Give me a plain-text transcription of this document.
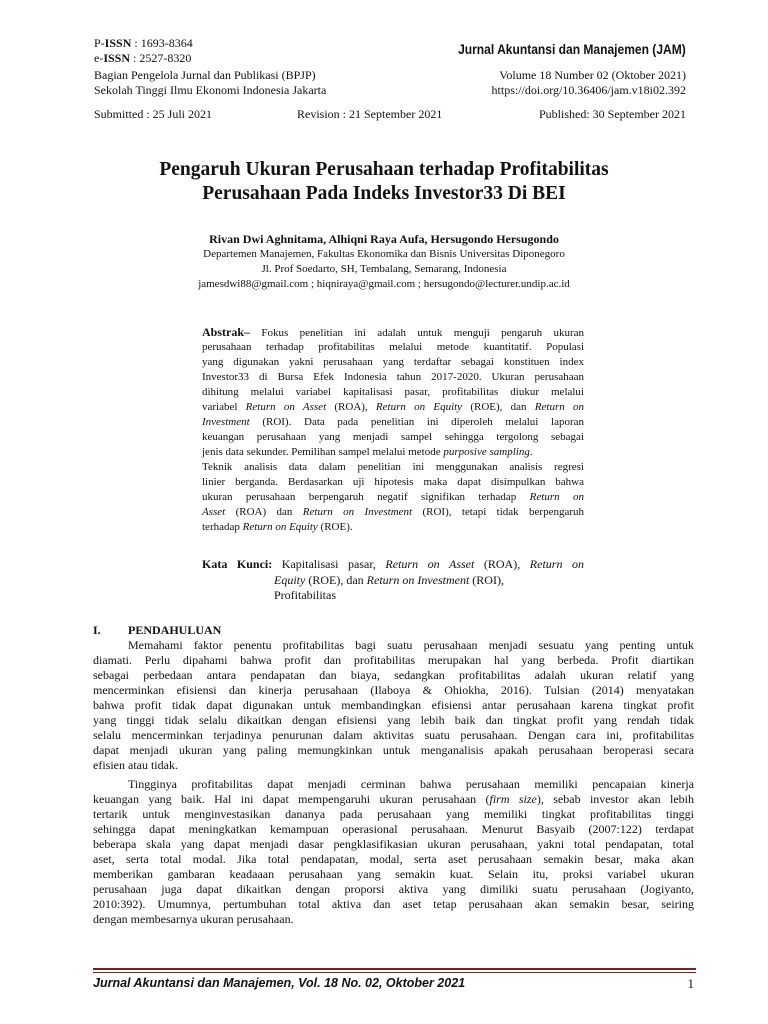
P-ISSN : 1693-8364
e-ISSN : 2527-8320
Jurnal Akuntansi dan Manajemen (JAM)
Bagian Pengelola Jurnal dan Publikasi (BPJP)	Volume 18 Number 02 (Oktober 2021)
Sekolah Tinggi Ilmu Ekonomi Indonesia Jakarta	https://doi.org/10.36406/jam.v18i02.392
Submitted : 25 Juli 2021	Revision : 21 September 2021	Published: 30 September 2021
Pengaruh Ukuran Perusahaan terhadap Profitabilitas
Perusahaan Pada Indeks Investor33 Di BEI
Rivan Dwi Aghnitama, Alhiqni Raya Aufa, Hersugondo Hersugondo
Departemen Manajemen, Fakultas Ekonomika dan Bisnis Universitas Diponegoro
Jl. Prof Soedarto, SH, Tembalang, Semarang, Indonesia
jamesdwi88@gmail.com ; hiqniraya@gmail.com ; hersugondo@lecturer.undip.ac.id
Abstrak– Fokus penelitian ini adalah untuk menguji pengaruh ukuran
perusahaan terhadap profitabilitas melalui metode kuantitatif. Populasi
yang digunakan yakni perusahaan yang terdaftar sebagai konstituen index
Investor33 di Bursa Efek Indonesia tahun 2017-2020. Ukuran perusahaan
dihitung melalui variabel kapitalisasi pasar, profitabilitas diukur melalui
variabel Return on Asset (ROA), Return on Equity (ROE), dan Return on
Investment (ROI). Data pada penelitian ini diperoleh melalui laporan
keuangan perusahaan yang menjadi sampel sehingga tergolong sebagai
jenis data sekunder. Pemilihan sampel melalui metode purposive sampling.
Teknik analisis data dalam penelitian ini menggunakan analisis regresi
linier berganda. Berdasarkan uji hipotesis maka dapat disimpulkan bahwa
ukuran perusahaan berpengaruh negatif signifikan terhadap Return on
Asset (ROA) dan Return on Investment (ROI), tetapi tidak berpengaruh
terhadap Return on Equity (ROE).
Kata Kunci: Kapitalisasi pasar, Return on Asset (ROA), Return on
Equity (ROE), dan Return on Investment (ROI),
Profitabilitas
I. PENDAHULUAN
Memahami faktor penentu profitabilitas bagi suatu perusahaan menjadi sesuatu yang penting untuk
diamati. Perlu dipahami bahwa profit dan profitabilitas merupakan hal yang berbeda. Profit diartikan
sebagai perbedaan antara pendapatan dan biaya, sedangkan profitabilitas adalah ukuran relatif yang
mencerminkan efisiensi dan kinerja perusahaan (Ilaboya & Ohiokha, 2016). Tulsian (2014) menyatakan
bahwa profit tidak dapat digunakan untuk membandingkan efisiensi antar perusahaan karena tingkat profit
yang tinggi tidak selalu dikaitkan dengan efisiensi yang lebih baik dan tingkat profit yang rendah tidak
selalu mencerminkan terjadinya penurunan dalam aktivitas suatu perusahaan. Dengan cara ini, profitabilitas
dapat menjadi ukuran yang paling memungkinkan untuk menganalisis apakah perusahaan beroperasi secara
efisien atau tidak.
Tingginya profitabilitas dapat menjadi cerminan bahwa perusahaan memiliki pencapaian kinerja
keuangan yang baik. Hal ini dapat mempengaruhi ukuran perusahaan (firm size), sebab investor akan lebih
tertarik untuk menginvestasikan dananya pada perusahaan yang memiliki tingkat profitabilitas tinggi
sehingga dapat meningkatkan kemampuan operasional perusahaan. Menurut Basyaib (2007:122) terdapat
beberapa skala yang dapat menjadi dasar pengklasifikasian ukuran perusahaan, yakni total pendapatan, total
aset, serta total modal. Jika total pendapatan, modal, serta aset perusahaan semakin besar, maka akan
memberikan gambaran keadaaan perusahaan yang semakin kuat. Selain itu, proksi variabel ukuran
perusahaan juga dapat dikaitkan dengan proporsi aktiva yang dimiliki suatu perusahaan (Jogiyanto,
2010:392). Umumnya, pertumbuhan total aktiva dan aset tetap perusahaan akan semakin besar, seiring
dengan membesarnya ukuran perusahaan.
Jurnal Akuntansi dan Manajemen, Vol. 18 No. 02, Oktober 2021	1
